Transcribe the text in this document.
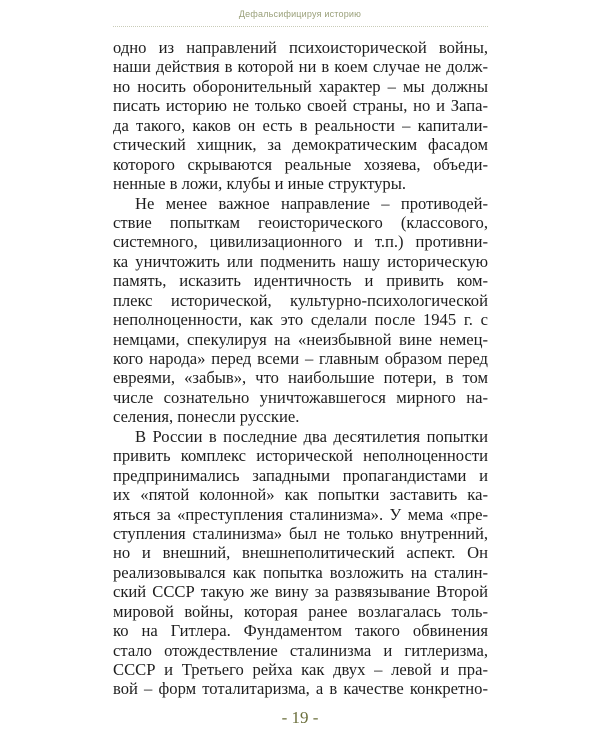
Дефальсифицируя историю
одно из направлений психоисторической войны,
наши действия в которой ни в коем случае не долж-
но носить оборонительный характер – мы должны
писать историю не только своей страны, но и Запа-
да такого, каков он есть в реальности – капитали-
стический хищник, за демократическим фасадом
которого скрываются реальные хозяева, объеди-
ненные в ложи, клубы и иные структуры.
Не менее важное направление – противодей-
ствие попыткам геоисторического (классового,
системного, цивилизационного и т.п.) противни-
ка уничтожить или подменить нашу историческую
память, исказить идентичность и привить ком-
плекс исторической, культурно-психологической
неполноценности, как это сделали после 1945 г. с
немцами, спекулируя на «неизбывной вине немец-
кого народа» перед всеми – главным образом перед
евреями, «забыв», что наибольшие потери, в том
числе сознательно уничтожавшегося мирного на-
селения, понесли русские.
В России в последние два десятилетия попытки
привить комплекс исторической неполноценности
предпринимались западными пропагандистами и
их «пятой колонной» как попытки заставить ка-
яться за «преступления сталинизма». У мема «пре-
ступления сталинизма» был не только внутренний,
но и внешний, внешнеполитический аспект. Он
реализовывался как попытка возложить на сталин-
ский СССР такую же вину за развязывание Второй
мировой войны, которая ранее возлагалась толь-
ко на Гитлера. Фундаментом такого обвинения
стало отождествление сталинизма и гитлеризма,
СССР и Третьего рейха как двух – левой и пра-
вой – форм тоталитаризма, а в качестве конкретно-
- 19 -
